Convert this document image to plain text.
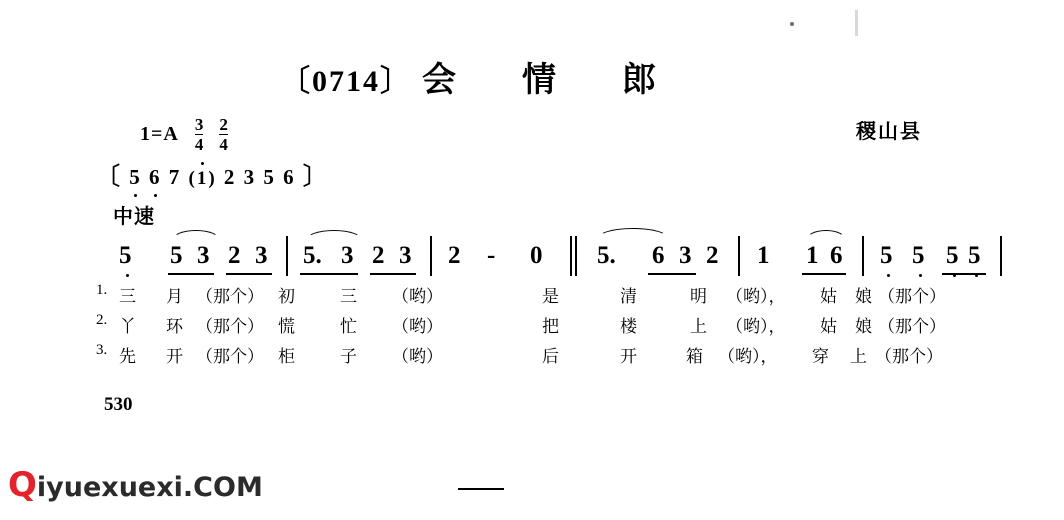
〔0714〕 会 情 郎
$1=A \frac{3}{4} \frac{2}{4}$	稷山县
〔 5 6 7 (1) 2 3 5 6 〕
中速
5 5 3 2 3 5. 3 2 3 2 - 0 5. 6 3 2 1 1 6 5 5 5 5
1. 三 月 （那个） 初	三 （哟）	是	清	明 （哟）， 姑 娘 （那个）
2. 丫 环 （那个） 慌	忙 （哟）	把	楼	上 （哟）， 姑 娘 （那个）
3. 先 开 （那个） 柜	子 （哟）	后	开	箱 （哟）， 穿 上 （那个）
530
Q iyuexuexi.COM
